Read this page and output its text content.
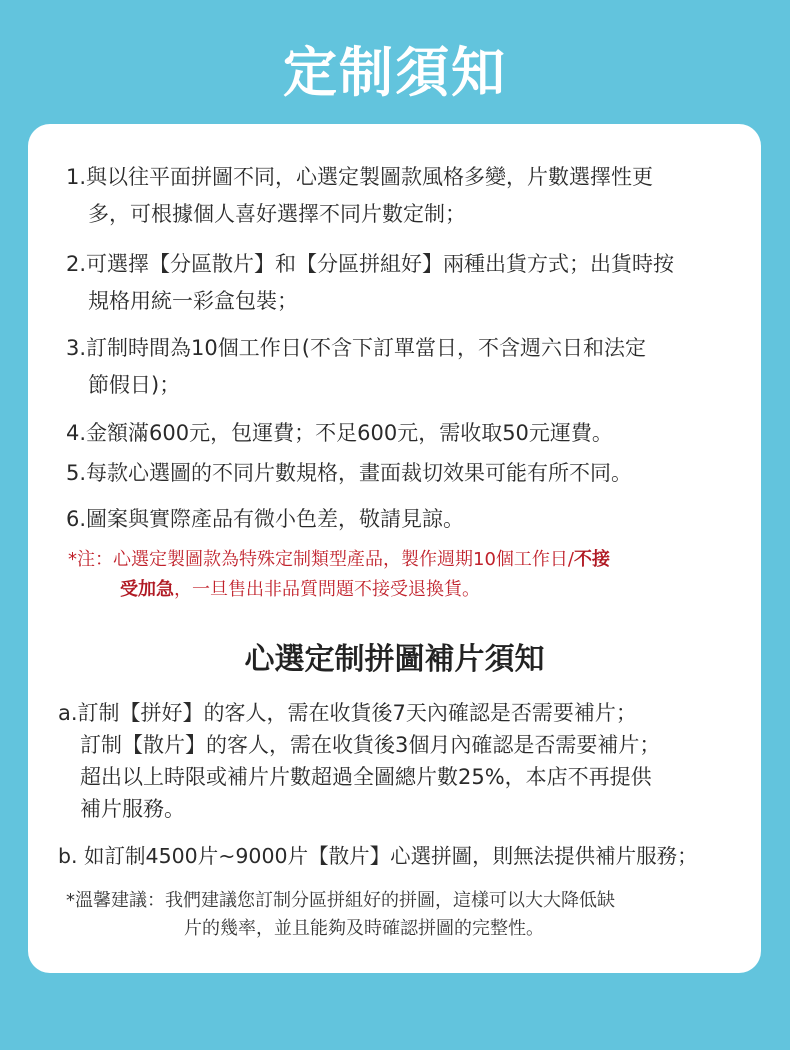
定制須知
1.與以往平面拼圖不同，心選定製圖款風格多變，片數選擇性更
多，可根據個人喜好選擇不同片數定制；
2.可選擇【分區散片】和【分區拼組好】兩種出貨方式；出貨時按
規格用統一彩盒包裝；
3.訂制時間為10個工作日(不含下訂單當日，不含週六日和法定
節假日)；
4.金額滿600元，包運費；不足600元，需收取50元運費。
5.每款心選圖的不同片數規格，畫面裁切效果可能有所不同。
6.圖案與實際產品有微小色差，敬請見諒。
*注：心選定製圖款為特殊定制類型產品，製作週期10個工作日/不接
受加急，一旦售出非品質問題不接受退換貨。
心選定制拼圖補片須知
a.訂制【拼好】的客人，需在收貨後7天內確認是否需要補片；
訂制【散片】的客人，需在收貨後3個月內確認是否需要補片；
超出以上時限或補片片數超過全圖總片數25%，本店不再提供
補片服務。
b. 如訂制4500片~9000片【散片】心選拼圖，則無法提供補片服務；
*溫馨建議：我們建議您訂制分區拼組好的拼圖，這樣可以大大降低缺
片的幾率，並且能夠及時確認拼圖的完整性。
